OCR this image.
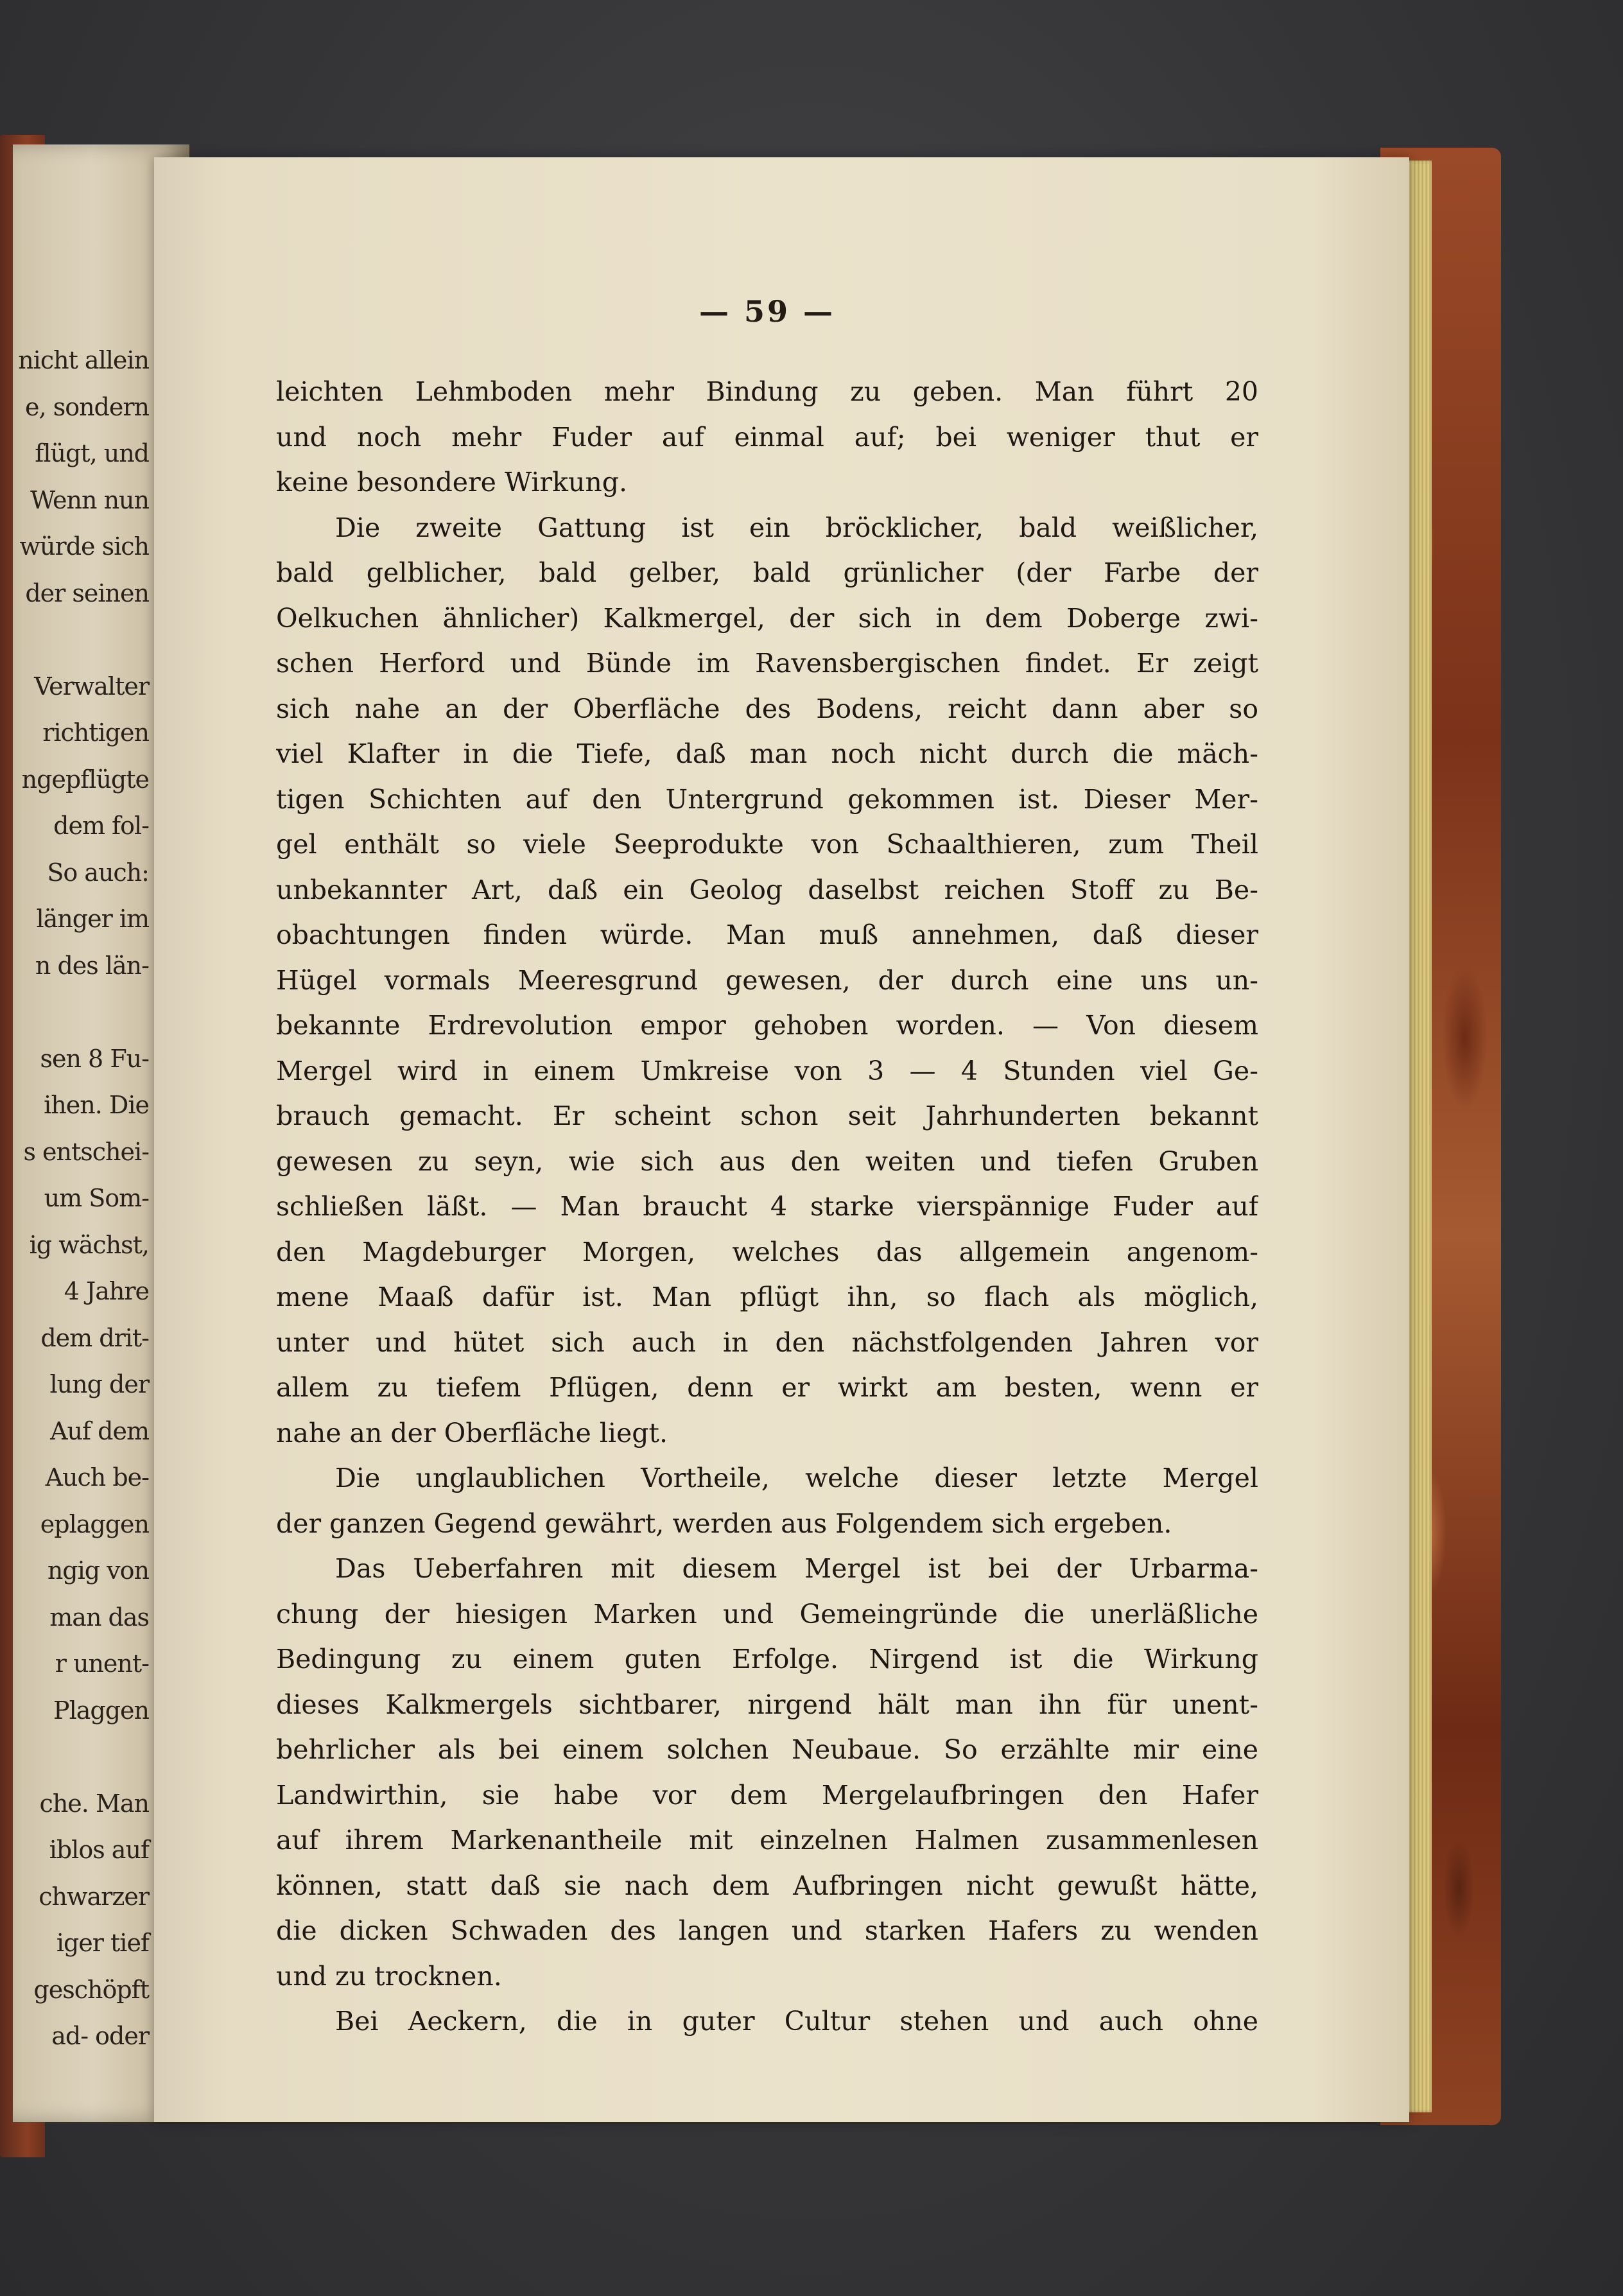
nicht allein
e, sondern
flügt, und
Wenn nun
würde sich
der seinen
Verwalter
richtigen
ngepflügte
dem fol-
So auch:
länger im
n des län-
sen 8 Fu-
ihen. Die
s entschei-
um Som-
ig wächst,
4 Jahre
dem drit-
lung der
Auf dem
Auch be-
eplaggen
ngig von
man das
r unent-
Plaggen
che. Man
iblos auf
chwarzer
iger tief
geschöpft
ad- oder
— 59 —
leichten Lehmboden mehr Bindung zu geben. Man führt 20
und noch mehr Fuder auf einmal auf; bei weniger thut er
keine besondere Wirkung.
Die zweite Gattung ist ein bröcklicher, bald weißlicher,
bald gelblicher, bald gelber, bald grünlicher (der Farbe der
Oelkuchen ähnlicher) Kalkmergel, der sich in dem Doberge zwi-
schen Herford und Bünde im Ravensbergischen findet. Er zeigt
sich nahe an der Oberfläche des Bodens, reicht dann aber so
viel Klafter in die Tiefe, daß man noch nicht durch die mäch-
tigen Schichten auf den Untergrund gekommen ist. Dieser Mer-
gel enthält so viele Seeprodukte von Schaalthieren, zum Theil
unbekannter Art, daß ein Geolog daselbst reichen Stoff zu Be-
obachtungen finden würde. Man muß annehmen, daß dieser
Hügel vormals Meeresgrund gewesen, der durch eine uns un-
bekannte Erdrevolution empor gehoben worden. — Von diesem
Mergel wird in einem Umkreise von 3 — 4 Stunden viel Ge-
brauch gemacht. Er scheint schon seit Jahrhunderten bekannt
gewesen zu seyn, wie sich aus den weiten und tiefen Gruben
schließen läßt. — Man braucht 4 starke vierspännige Fuder auf
den Magdeburger Morgen, welches das allgemein angenom-
mene Maaß dafür ist. Man pflügt ihn, so flach als möglich,
unter und hütet sich auch in den nächstfolgenden Jahren vor
allem zu tiefem Pflügen, denn er wirkt am besten, wenn er
nahe an der Oberfläche liegt.
Die unglaublichen Vortheile, welche dieser letzte Mergel
der ganzen Gegend gewährt, werden aus Folgendem sich ergeben.
Das Ueberfahren mit diesem Mergel ist bei der Urbarma-
chung der hiesigen Marken und Gemeingründe die unerläßliche
Bedingung zu einem guten Erfolge. Nirgend ist die Wirkung
dieses Kalkmergels sichtbarer, nirgend hält man ihn für unent-
behrlicher als bei einem solchen Neubaue. So erzählte mir eine
Landwirthin, sie habe vor dem Mergelaufbringen den Hafer
auf ihrem Markenantheile mit einzelnen Halmen zusammenlesen
können, statt daß sie nach dem Aufbringen nicht gewußt hätte,
die dicken Schwaden des langen und starken Hafers zu wenden
und zu trocknen.
Bei Aeckern, die in guter Cultur stehen und auch ohne
